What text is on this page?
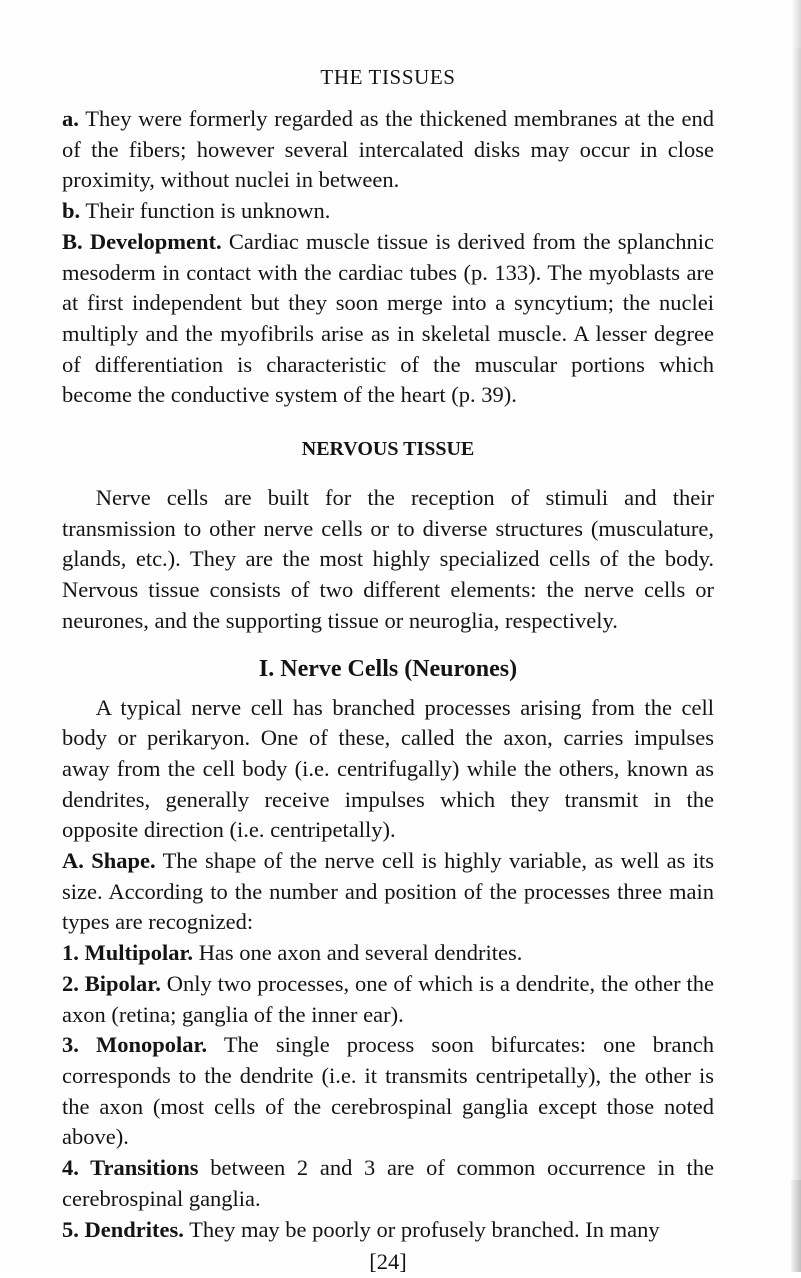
THE TISSUES

a. They were formerly regarded as the thickened membranes at the end of the fibers; however several intercalated disks may occur in close proximity, without nuclei in between.

b. Their function is unknown.

B. Development. Cardiac muscle tissue is derived from the splanchnic mesoderm in contact with the cardiac tubes (p. 133). The myoblasts are at first independent but they soon merge into a syncytium; the nuclei multiply and the myofibrils arise as in skeletal muscle. A lesser degree of differentiation is characteristic of the muscular portions which become the conductive system of the heart (p. 39).

NERVOUS TISSUE

Nerve cells are built for the reception of stimuli and their transmission to other nerve cells or to diverse structures (musculature, glands, etc.). They are the most highly specialized cells of the body. Nervous tissue consists of two different elements: the nerve cells or neurones, and the supporting tissue or neuroglia, respectively.

I. Nerve Cells (Neurones)

A typical nerve cell has branched processes arising from the cell body or perikaryon. One of these, called the axon, carries impulses away from the cell body (i.e. centrifugally) while the others, known as dendrites, generally receive impulses which they transmit in the opposite direction (i.e. centripetally).

A. Shape. The shape of the nerve cell is highly variable, as well as its size. According to the number and position of the processes three main types are recognized:

1. Multipolar. Has one axon and several dendrites.

2. Bipolar. Only two processes, one of which is a dendrite, the other the axon (retina; ganglia of the inner ear).

3. Monopolar. The single process soon bifurcates: one branch corresponds to the dendrite (i.e. it transmits centripetally), the other is the axon (most cells of the cerebrospinal ganglia except those noted above).

4. Transitions between 2 and 3 are of common occurrence in the cerebrospinal ganglia.

5. Dendrites. They may be poorly or profusely branched. In many

[24]
